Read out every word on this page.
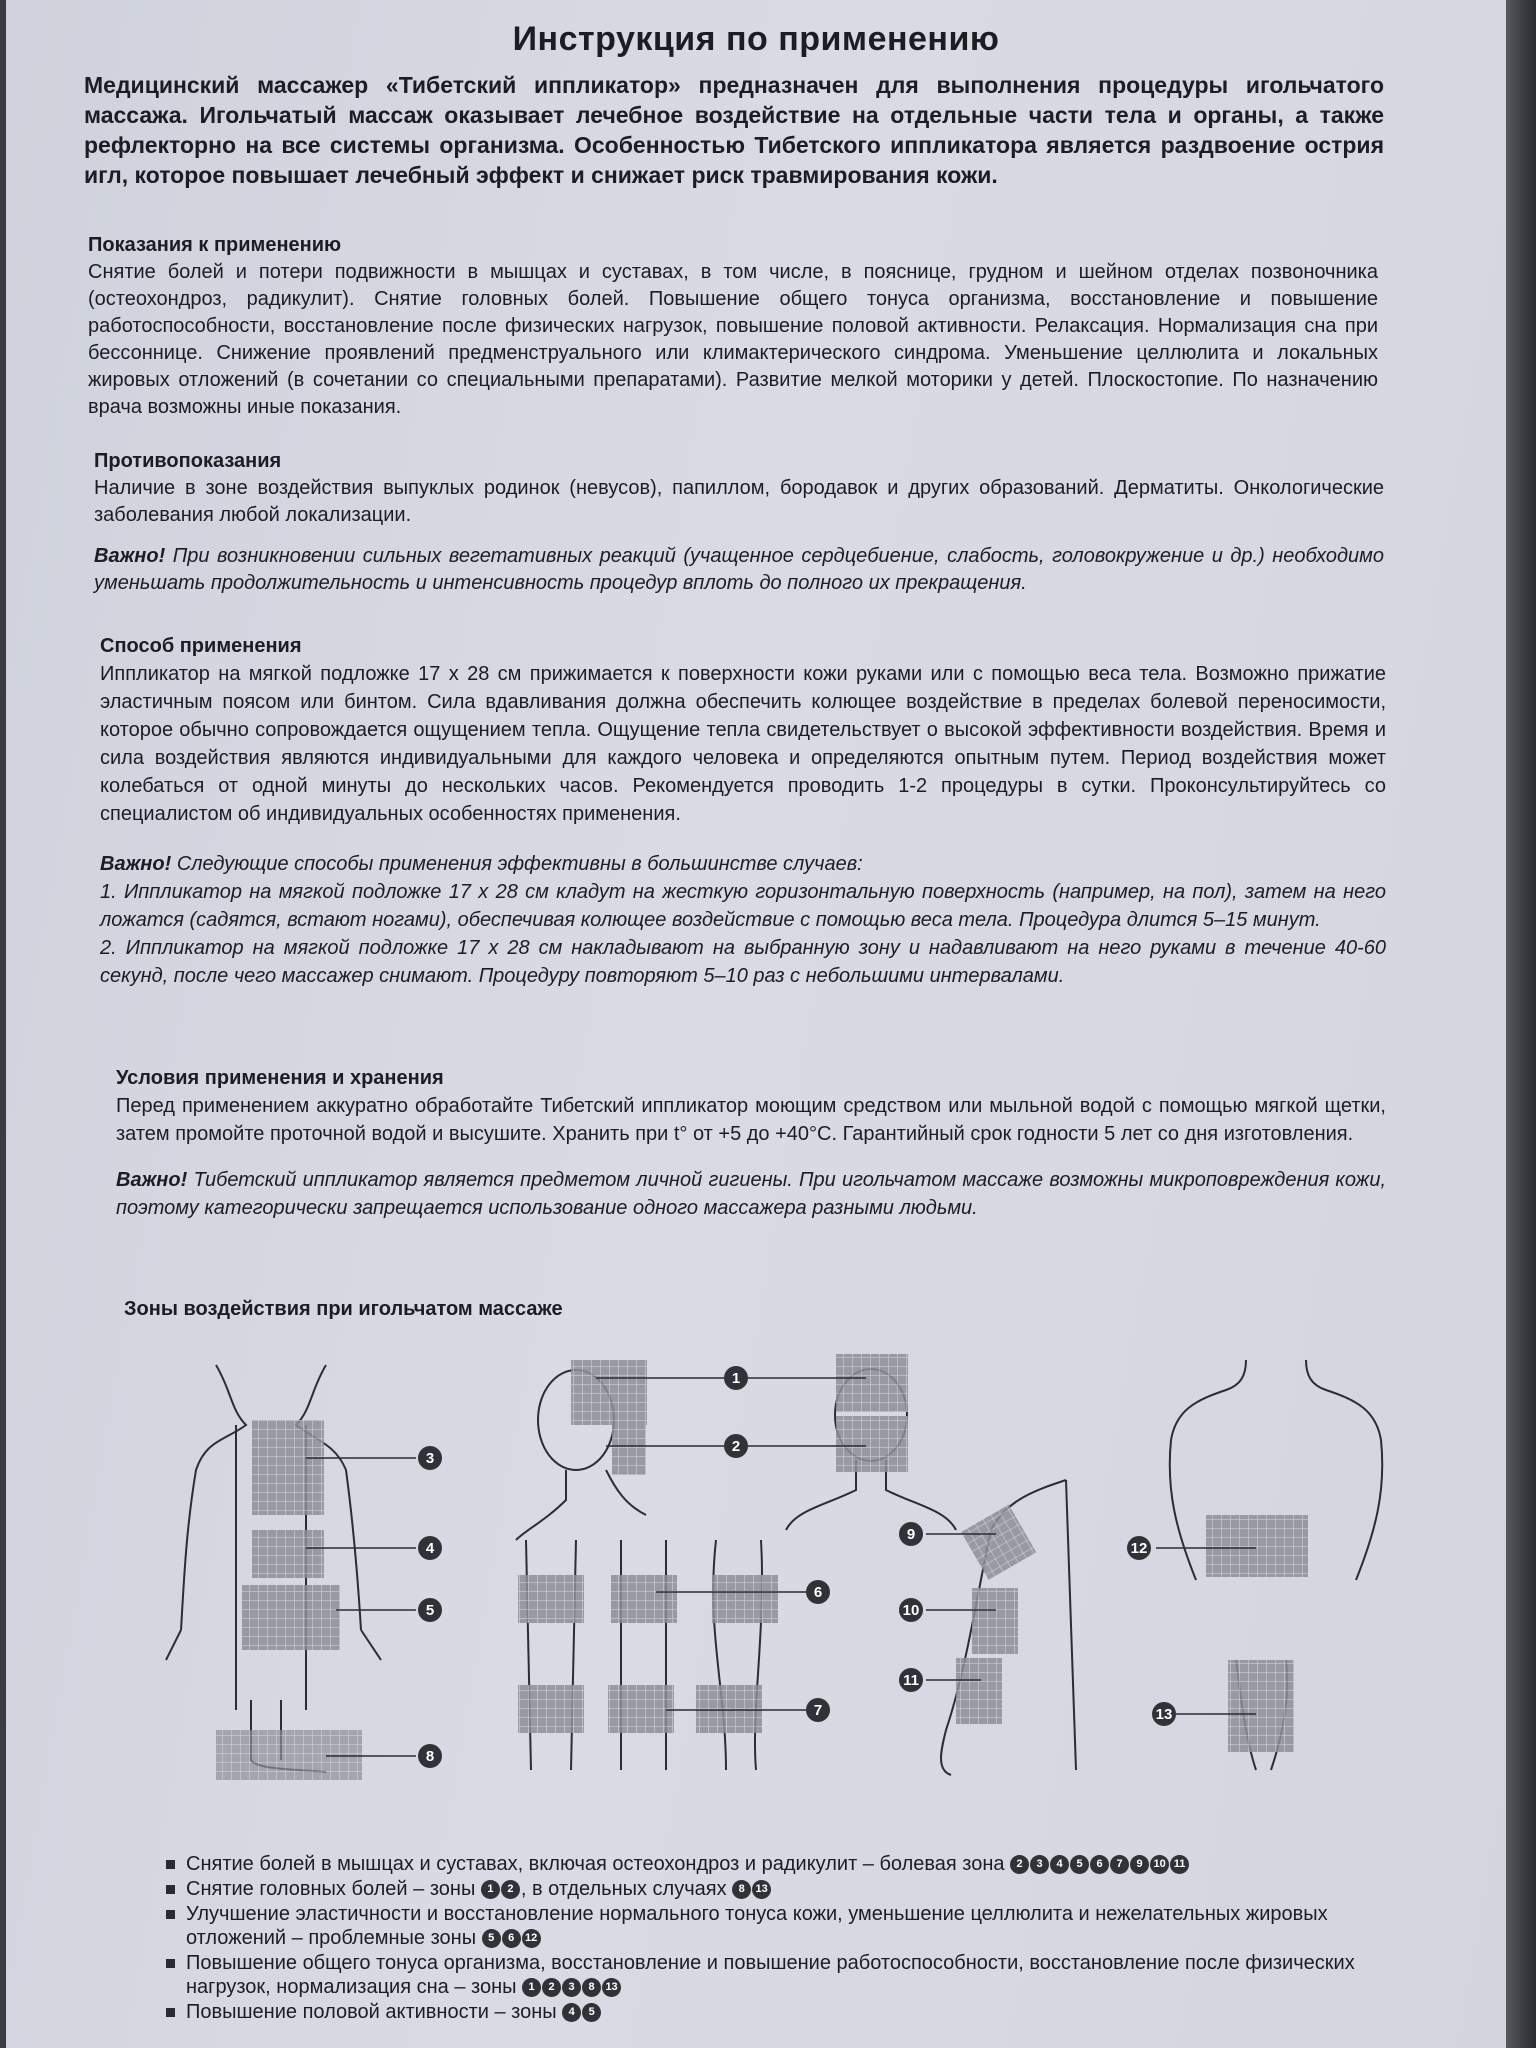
Инструкция по применению
Медицинский массажер «Тибетский иппликатор» предназначен для выполнения процедуры игольчатого массажа. Игольчатый массаж оказывает лечебное воздействие на отдельные части тела и органы, а также рефлекторно на все системы организма. Особенностью Тибетского иппликатора является раздвоение острия игл, которое повышает лечебный эффект и снижает риск травмирования кожи.
Показания к применению
Снятие болей и потери подвижности в мышцах и суставах, в том числе, в пояснице, грудном и шейном отделах позвоночника (остеохондроз, радикулит). Снятие головных болей. Повышение общего тонуса организма, восстановление и повышение работоспособности, восстановление после физических нагрузок, повышение половой активности. Релаксация. Нормализация сна при бессоннице. Снижение проявлений предменструального или климактерического синдрома. Уменьшение целлюлита и локальных жировых отложений (в сочетании со специальными препаратами). Развитие мелкой моторики у детей. Плоскостопие. По назначению врача возможны иные показания.
Противопоказания
Наличие в зоне воздействия выпуклых родинок (невусов), папиллом, бородавок и других образований. Дерматиты. Онкологические заболевания любой локализации.
Важно! При возникновении сильных вегетативных реакций (учащенное сердцебиение, слабость, головокружение и др.) необходимо уменьшать продолжительность и интенсивность процедур вплоть до полного их прекращения.
Способ применения
Иппликатор на мягкой подложке 17 х 28 см прижимается к поверхности кожи руками или с помощью веса тела. Возможно прижатие эластичным поясом или бинтом. Сила вдавливания должна обеспечить колющее воздействие в пределах болевой переносимости, которое обычно сопровождается ощущением тепла. Ощущение тепла свидетельствует о высокой эффективности воздействия. Время и сила воздействия являются индивидуальными для каждого человека и определяются опытным путем. Период воздействия может колебаться от одной минуты до нескольких часов. Рекомендуется проводить 1-2 процедуры в сутки. Проконсультируйтесь со специалистом об индивидуальных особенностях применения.
Важно! Следующие способы применения эффективны в большинстве случаев:
1. Иппликатор на мягкой подложке 17 х 28 см кладут на жесткую горизонтальную поверхность (например, на пол), затем на него ложатся (садятся, встают ногами), обеспечивая колющее воздействие с помощью веса тела. Процедура длится 5–15 минут.
2. Иппликатор на мягкой подложке 17 х 28 см накладывают на выбранную зону и надавливают на него руками в течение 40-60 секунд, после чего массажер снимают. Процедуру повторяют 5–10 раз с небольшими интервалами.
Условия применения и хранения
Перед применением аккуратно обработайте Тибетский иппликатор моющим средством или мыльной водой с помощью мягкой щетки, затем промойте проточной водой и высушите. Хранить при t° от +5 до +40°С. Гарантийный срок годности 5 лет со дня изготовления.
Важно! Тибетский иппликатор является предметом личной гигиены. При игольчатом массаже возможны микроповреждения кожи, поэтому категорически запрещается использование одного массажера разными людьми.
Зоны воздействия при игольчатом массаже
1
2
3
4
5
6
7
8
9
10
11
12
13
Снятие болей в мышцах и суставах, включая остеохондроз и радикулит – болевая зона 2 3 4 5 6 7 9 10 11
Снятие головных болей – зоны 1 2 , в отдельных случаях 8 13
Улучшение эластичности и восстановление нормального тонуса кожи, уменьшение целлюлита и нежелательных жировых отложений – проблемные зоны 5 6 12
Повышение общего тонуса организма, восстановление и повышение работоспособности, восстановление после физических нагрузок, нормализация сна – зоны 1 2 3 8 13
Повышение половой активности – зоны 4 5
